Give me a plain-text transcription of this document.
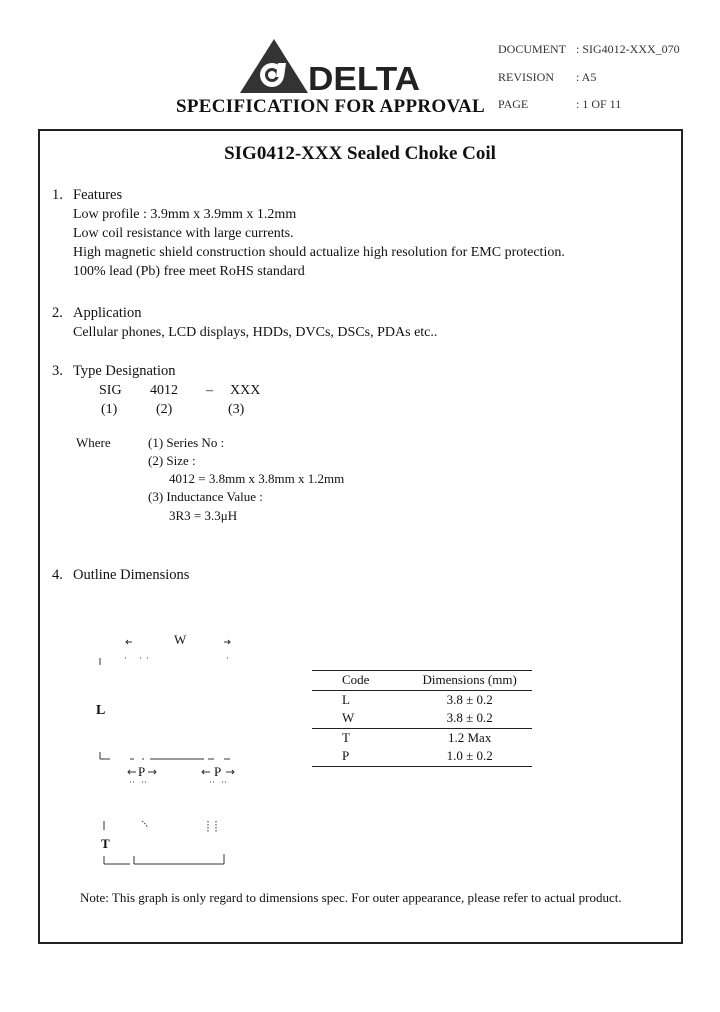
DELTA
SPECIFICATION FOR APPROVAL
DOCUMENT : SIG4012-XXX_070
REVISION : A5
PAGE	: 1 OF 11
SIG0412-XXX Sealed Choke Coil
1. Features
Low profile : 3.9mm x 3.9mm x 1.2mm
Low coil resistance with large currents.
High magnetic shield construction should actualize high resolution for EMC protection.
100% lead (Pb) free meet RoHS standard
2. Application
Cellular phones, LCD displays, HDDs, DVCs, DSCs, PDAs etc..
3. Type Designation
SIG 4012 – XXX
(1)	(2)	(3)
Where	(1) Series No :
(2) Size :
4012 = 3.8mm x 3.8mm x 1.2mm
(3) Inductance Value :
3R3 = 3.3μH
4. Outline Dimensions
W
L
P	P
T
Code	Dimensions (mm)
L	3.8 ± 0.2
W	3.8 ± 0.2
T	1.2 Max
P	1.0 ± 0.2
Note: This graph is only regard to dimensions spec. For outer appearance, please refer to actual product.
